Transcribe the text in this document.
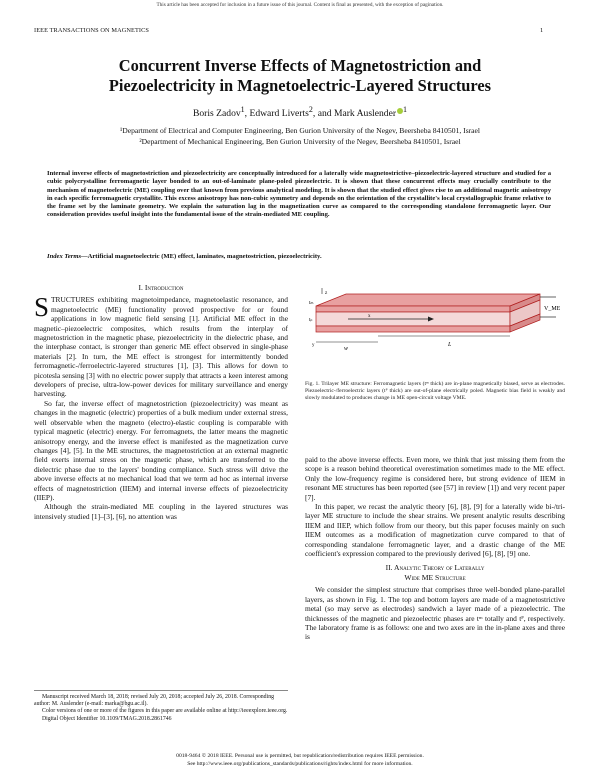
This article has been accepted for inclusion in a future issue of this journal. Content is final as presented, with the exception of pagination.
IEEE TRANSACTIONS ON MAGNETICS	1
Concurrent Inverse Effects of Magnetostriction and
Piezoelectricity in Magnetoelectric-Layered Structures
Boris Zadov$^1$, Edward Liverts$^2$, and Mark Auslender $^1$
¹Department of Electrical and Computer Engineering, Ben Gurion University of the Negev, Beersheba 8410501, Israel
²Department of Mechanical Engineering, Ben Gurion University of the Negev, Beersheba 8410501, Israel
Internal inverse effects of magnetostriction and piezoelectricity are conceptually introduced for a laterally wide magnetostrictive–piezoelectric-layered structure and studied for a cubic polycrystalline ferromagnetic layer bonded to an out-of-laminate plane-poled piezoelectric. It is shown that these concurrent effects may crucially contribute to the mechanism of magnetoelectric (ME) coupling over that known from previous analytical modeling. It is shown that the studied effect gives rise to an additional magnetic anisotropy in each specific ferromagnetic crystallite. This excess anisotropy has non-cubic symmetry and depends on the orientation of the crystallite's local crystallographic frame relative to the frame set by the laminate geometry. We explain the saturation lag in the magnetization curve as compared to the corresponding standalone ferromagnetic layer. Our consideration provides useful insight into the fundamental issue of the strain-mediated ME coupling.
Index Terms—Artificial magnetoelectric (ME) effect, laminates, magnetostriction, piezoelectricity.
I. Introduction

STRUCTURES exhibiting magnetoimpedance, magnetoelastic resonance, and magnetoelectric (ME) functionality proved prospective for or found applications in low magnetic field sensing [1]. Artificial ME effect in the magnetic–piezoelectric composites, which results from the interplay of magnetostriction in the magnetic phase, piezoelectricity in the dielectric phase, and the interphase contact, is stronger than generic ME effect observed in single-phase materials [2]. In turn, the ME effect is strongest for intermittently bonded ferromagnetic-/ferroelectric-layered structures [1], [3]. This allows for down to picotesla sensing [3] with no electric power supply that attracts a keen interest among developers of precise, ultra-low-power devices for military surveillance and energy harvesting.

So far, the inverse effect of magnetostriction (piezoelectricity) was meant as changes in the magnetic (electric) properties of a bulk medium under external stress, well observable when the magneto (electro)-elastic coupling is comparable with typical magnetic (electric) energy. For ferromagnets, the latter means the magnetic anisotropy energy, and the inverse effect is manifested as the magnetization curve changes [4], [5]. In the ME structures, the magnetostriction at an external magnetic field exerts internal stress on the magnetic phase, which are transferred to the dielectric phase due to the layers' bonding compliance. Such stress will drive the above inverse effects at no mechanical load that we term ad hoc as internal inverse effects of magnetostriction (IIEM) and internal inverse effects of piezoelectricity (IIEP).

Although the strain-mediated ME coupling in the layered structures was intensively studied [1]–[3], [6], no attention was

Manuscript received March 18, 2018; revised July 20, 2018; accepted July 26, 2018. Corresponding author: M. Auslender (e-mail: marka@bgu.ac.il).
Color versions of one or more of the figures in this paper are available online at http://ieeexplore.ieee.org.
Digital Object Identifier 10.1109/TMAG.2018.2861746
V_ME
z
tₘ
tₚ
x
w
L
y
Fig. 1. Trilayer ME structure: Ferromagnetic layers (tᵐ thick) are in-plane magnetically biased, serve as electrodes. Piezoelectric-/ferroelectric layers (tᴾ thick) are out-of-plane electrically poled. Magnetic bias field is weakly and slowly modulated to produces change in ME open-circuit voltage VME.

paid to the above inverse effects. Even more, we think that just missing them from the scope is a reason behind theoretical overestimation sometimes made to the ME effect. Only the low-frequency regime is considered here, but strong evidence of IIEM in resonant ME structures has been reported (see [57] in review [1]) and very recent paper [7].

In this paper, we recast the analytic theory [6], [8], [9] for a laterally wide bi-/tri-layer ME structure to include the shear strains. We present analytic results describing IIEM and IIEP, which follow from our theory, but this paper focuses mainly on such IIEM outcomes as a modification of magnetization curve compared to that of corresponding standalone ferromagnetic layer, and a drastic change of the ME coefficient's expression compared to the previously derived [6], [8], [9] one.

II. Analytic Theory of Laterally
Wide ME Structure

We consider the simplest structure that comprises three well-bonded plane-parallel layers, as shown in Fig. 1. The top and bottom layers are made of a magnetostrictive metal (so may serve as electrodes) sandwich a layer made of a piezoelectric. The thicknesses of the magnetic and piezoelectric phases are tᵐ totally and tᴾ, respectively. The laboratory frame is as follows: one and two axes are in the in-plane axes and three is

0018-9464 © 2018 IEEE. Personal use is permitted, but republication/redistribution requires IEEE permission.
See http://www.ieee.org/publications_standards/publications/rights/index.html for more information.
